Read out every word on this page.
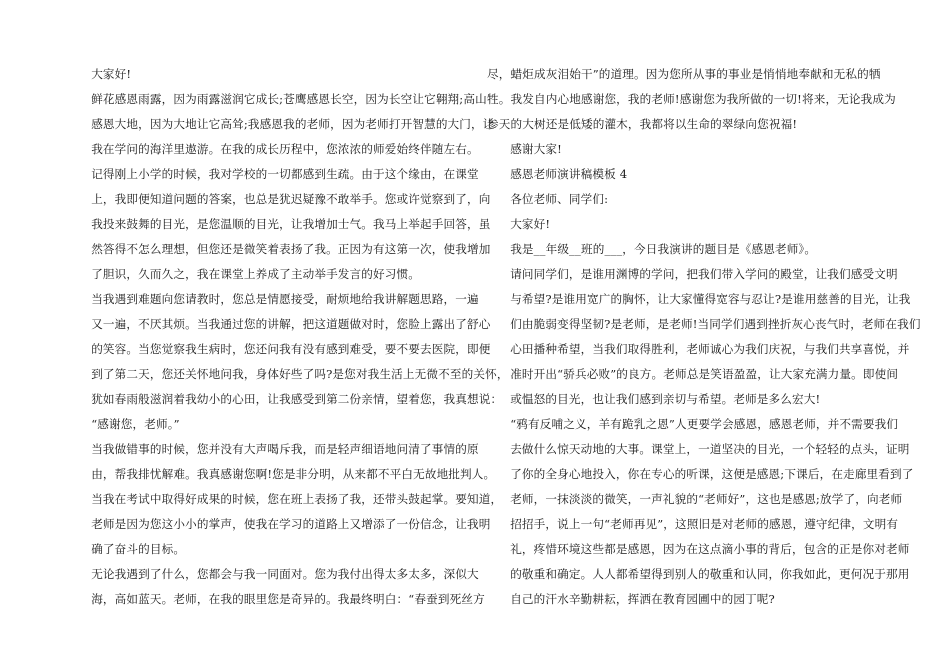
大家好!

鲜花感恩雨露，因为雨露滋润它成长;苍鹰感恩长空，因为长空让它翱翔;高山
感恩大地，因为大地让它高耸;我感恩我的老师，因为老师打开智慧的大门，让
我在学问的海洋里遨游。在我的成长历程中，您浓浓的师爱始终伴随左右。

记得刚上小学的时候，我对学校的一切都感到生疏。由于这个缘由，在课堂
上，我即便知道问题的答案，也总是犹迟疑豫不敢举手。您或许觉察到了，向
我投来鼓舞的目光，是您温顺的目光，让我增加士气。我马上举起手回答，虽
然答得不怎么理想，但您还是微笑着表扬了我。正因为有这第一次，使我增加
了胆识，久而久之，我在课堂上养成了主动举手发言的好习惯。

当我遇到难题向您请教时，您总是情愿接受，耐烦地给我讲解题思路，一遍
又一遍，不厌其烦。当我通过您的讲解，把这道题做对时，您脸上露出了舒心
的笑容。当您觉察我生病时，您还问我有没有感到难受，要不要去医院，即便
到了第二天，您还关怀地问我，身体好些了吗?是您对我生活上无微不至的关怀，
犹如春雨般滋润着我幼小的心田，让我感受到第二份亲情，望着您，我真想说：
“感谢您，老师。”

当我做错事的时候，您并没有大声喝斥我，而是轻声细语地问清了事情的原
由，帮我排忧解难。我真感谢您啊!您是非分明，从来都不平白无故地批判人。
当我在考试中取得好成果的时候，您在班上表扬了我，还带头鼓起掌。要知道，
老师是因为您这小小的掌声，使我在学习的道路上又增添了一份信念，让我明
确了奋斗的目标。

无论我遇到了什么，您都会与我一同面对。您为我付出得太多太多，深似大
海，高如蓝天。老师，在我的眼里您是奇异的。我最终明白：“春蚕到死丝方

尽，蜡炬成灰泪始干”的道理。因为您所从事的事业是悄悄地奉献和无私的牺
牲。我发自内心地感谢您，我的老师!感谢您为我所做的一切!将来，无论我成为
参天的大树还是低矮的灌木，我都将以生命的翠绿向您祝福!

感谢大家!

感恩老师演讲稿模板 4

各位老师、同学们:

大家好!

我是__年级__班的___，今日我演讲的题目是《感恩老师》。

请问同学们，是谁用渊博的学问，把我们带入学问的殿堂，让我们感受文明
与希望?是谁用宽广的胸怀，让大家懂得宽容与忍让?是谁用慈善的目光，让我
们由脆弱变得坚韧?是老师，是老师!当同学们遇到挫折灰心丧气时，老师在我们
心田播种希望，当我们取得胜利，老师诚心为我们庆祝，与我们共享喜悦，并
准时开出“骄兵必败”的良方。老师总是笑语盈盈，让大家充满力量。即使间
或愠怒的目光，也让我们感到亲切与希望。老师是多么宏大!

“鸦有反哺之义，羊有跪乳之恩”人更要学会感恩，感恩老师，并不需要我们
去做什么惊天动地的大事。课堂上，一道坚决的目光，一个轻轻的点头，证明
了你的全身心地投入，你在专心的听课，这便是感恩;下课后，在走廊里看到了
老师，一抹淡淡的微笑，一声礼貌的“老师好”，这也是感恩;放学了，向老师
招招手，说上一句“老师再见”，这照旧是对老师的感恩，遵守纪律，文明有
礼，疼惜环境这些都是感恩，因为在这点滴小事的背后，包含的正是你对老师
的敬重和确定。人人都希望得到别人的敬重和认同，你我如此，更何况于那用
自己的汗水辛勤耕耘，挥洒在教育园圃中的园丁呢?
